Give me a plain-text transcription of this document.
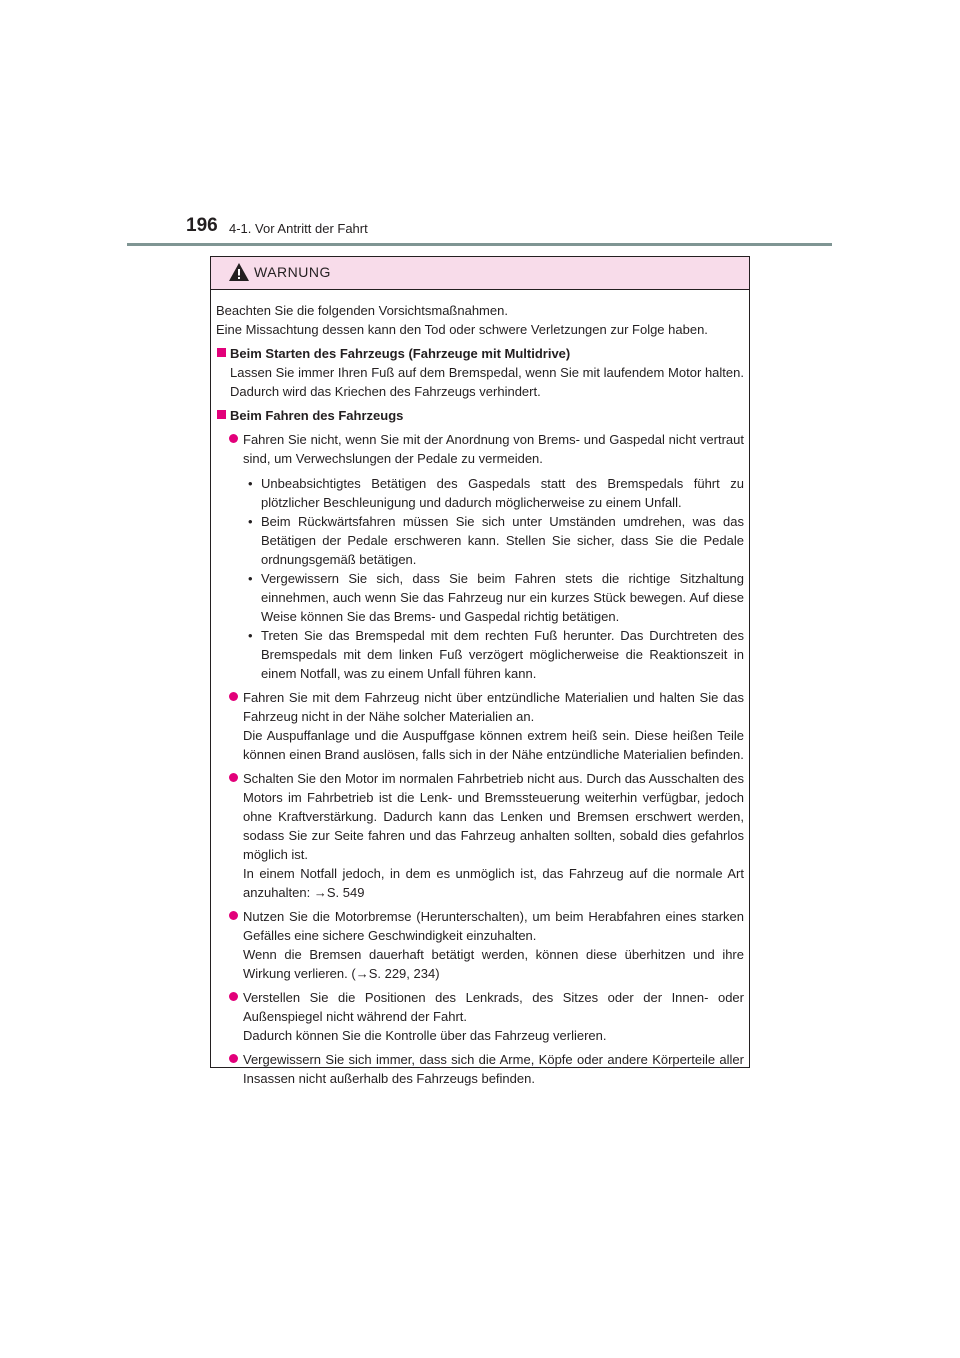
196 4-1. Vor Antritt der Fahrt
WARNUNG

Beachten Sie die folgenden Vorsichtsmaßnahmen.

Eine Missachtung dessen kann den Tod oder schwere Verletzungen zur Folge haben.

Beim Starten des Fahrzeugs (Fahrzeuge mit Multidrive)
Lassen Sie immer Ihren Fuß auf dem Bremspedal, wenn Sie mit laufendem Motor halten. Dadurch wird das Kriechen des Fahrzeugs verhindert.
Beim Fahren des Fahrzeugs

Fahren Sie nicht, wenn Sie mit der Anordnung von Brems- und Gaspedal nicht vertraut sind, um Verwechslungen der Pedale zu vermeiden.

• Unbeabsichtigtes Betätigen des Gaspedals statt des Bremspedals führt zu plötzlicher Beschleunigung und dadurch möglicherweise zu einem Unfall.
• Beim Rückwärtsfahren müssen Sie sich unter Umständen umdrehen, was das Betätigen der Pedale erschweren kann. Stellen Sie sicher, dass Sie die Pedale ordnungsgemäß betätigen.
• Vergewissern Sie sich, dass Sie beim Fahren stets die richtige Sitzhaltung einnehmen, auch wenn Sie das Fahrzeug nur ein kurzes Stück bewegen. Auf diese Weise können Sie das Brems- und Gaspedal richtig betätigen.
• Treten Sie das Bremspedal mit dem rechten Fuß herunter. Das Durchtreten des Bremspedals mit dem linken Fuß verzögert möglicherweise die Reaktionszeit in einem Notfall, was zu einem Unfall führen kann.

Fahren Sie mit dem Fahrzeug nicht über entzündliche Materialien und halten Sie das Fahrzeug nicht in der Nähe solcher Materialien an.

Die Auspuffanlage und die Auspuffgase können extrem heiß sein. Diese heißen Teile können einen Brand auslösen, falls sich in der Nähe entzündliche Materialien befinden.

Schalten Sie den Motor im normalen Fahrbetrieb nicht aus. Durch das Ausschalten des Motors im Fahrbetrieb ist die Lenk- und Bremssteuerung weiterhin verfügbar, jedoch ohne Kraftverstärkung. Dadurch kann das Lenken und Bremsen erschwert werden, sodass Sie zur Seite fahren und das Fahrzeug anhalten sollten, sobald dies gefahrlos möglich ist.

In einem Notfall jedoch, in dem es unmöglich ist, das Fahrzeug auf die normale Art anzuhalten: →S. 549

Nutzen Sie die Motorbremse (Herunterschalten), um beim Herabfahren eines starken Gefälles eine sichere Geschwindigkeit einzuhalten.

Wenn die Bremsen dauerhaft betätigt werden, können diese überhitzen und ihre Wirkung verlieren. (→S. 229, 234)

Verstellen Sie die Positionen des Lenkrads, des Sitzes oder der Innen- oder Außenspiegel nicht während der Fahrt.

Dadurch können Sie die Kontrolle über das Fahrzeug verlieren.

Vergewissern Sie sich immer, dass sich die Arme, Köpfe oder andere Körperteile aller Insassen nicht außerhalb des Fahrzeugs befinden.
